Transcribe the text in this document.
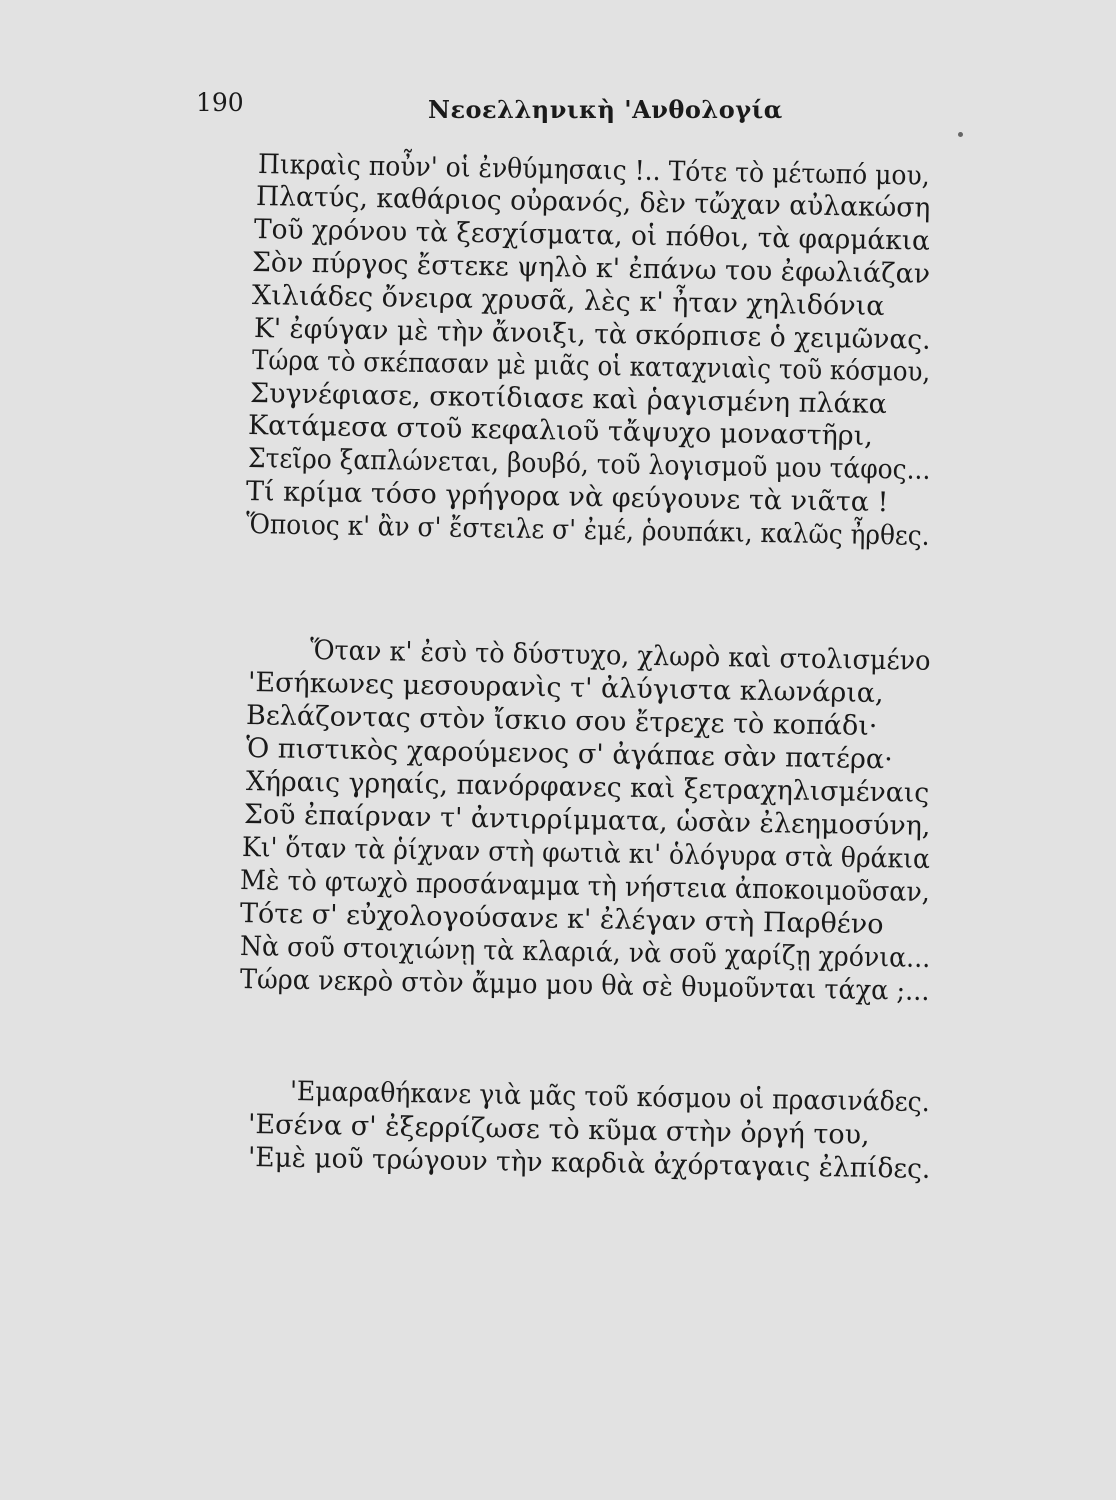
190	Νεοελληνικὴ 'Ανθολογία
Πικραὶς ποὖν' οἱ ἐνθύμησαις !.. Τότε τὸ μέτωπό μου,
Πλατύς, καθάριος οὐρανός, δὲν τὤχαν αὐλακώση
Τοῦ χρόνου τὰ ξεσχίσματα, οἱ πόθοι, τὰ φαρμάκια
Σὸν πύργος ἔστεκε ψηλὸ κ' ἐπάνω του ἐφωλιάζαν
Χιλιάδες ὄνειρα χρυσᾶ, λὲς κ' ἦταν χηλιδόνια
Κ' ἐφύγαν μὲ τὴν ἄνοιξι, τὰ σκόρπισε ὁ χειμῶνας.
Τώρα τὸ σκέπασαν μὲ μιᾶς οἱ καταχνιαὶς τοῦ κόσμου,
Συγνέφιασε, σκοτίδιασε καὶ ῥαγισμένη πλάκα
Κατάμεσα στοῦ κεφαλιοῦ τἄψυχο μοναστῆρι,
Στεῖρο ξαπλώνεται, βουβό, τοῦ λογισμοῦ μου τάφος...
Τί κρίμα τόσο γρήγορα νὰ φεύγουνε τὰ νιᾶτα !
Ὅποιος κ' ἂν σ' ἔστειλε σ' ἐμέ, ῥουπάκι, καλῶς ἦρθες.
Ὅταν κ' ἐσὺ τὸ δύστυχο, χλωρὸ καὶ στολισμένο
'Εσήκωνες μεσουρανὶς τ' ἀλύγιστα κλωνάρια,
Βελάζοντας στὸν ἴσκιο σου ἔτρεχε τὸ κοπάδι·
Ὁ πιστικὸς χαρούμενος σ' ἀγάπαε σὰν πατέρα·
Χήραις γρηαίς, πανόρφανες καὶ ξετραχηλισμέναις
Σοῦ ἐπαίρναν τ' ἀντιρρίμματα, ὡσὰν ἐλεημοσύνη,
Κι' ὅταν τὰ ῥίχναν στὴ φωτιὰ κι' ὁλόγυρα στὰ θράκια
Μὲ τὸ φτωχὸ προσάναμμα τὴ νήστεια ἀποκοιμοῦσαν,
Τότε σ' εὐχολογούσανε κ' ἐλέγαν στὴ Παρθένο
Νὰ σοῦ στοιχιώνῃ τὰ κλαριά, νὰ σοῦ χαρίζῃ χρόνια...
Τώρα νεκρὸ στὸν ἄμμο μου θὰ σὲ θυμοῦνται τάχα ;...
'Εμαραθήκανε γιὰ μᾶς τοῦ κόσμου οἱ πρασινάδες.
'Εσένα σ' ἐξερρίζωσε τὸ κῦμα στὴν ὀργή του,
'Εμὲ μοῦ τρώγουν τὴν καρδιὰ ἀχόρταγαις ἐλπίδες.
